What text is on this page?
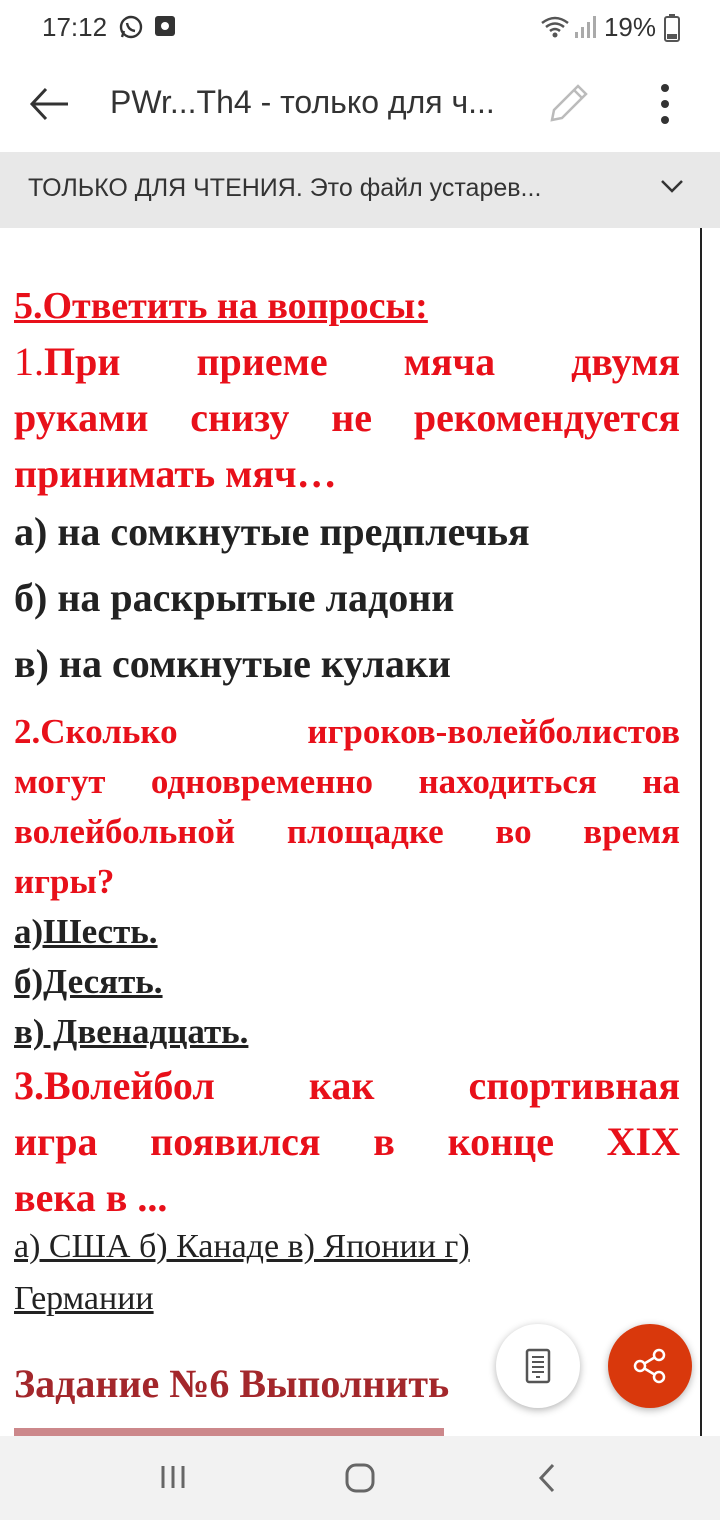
17:12	19%
PWr...Th4 - только для ч...
ТОЛЬКО ДЛЯ ЧТЕНИЯ. Это файл устарев...
5.Ответить на вопросы:
1.При приеме мяча двумя
руками снизу не рекомендуется
принимать мяч…
а) на сомкнутые предплечья
б) на раскрытые ладони
в) на сомкнутые кулаки
2.Сколько игроков-волейболистов
могут одновременно находиться на
волейбольной площадке во время
игры?
а)Шесть.
б)Десять.
в) Двенадцать.
3.Волейбол как спортивная
игра появился в конце XIX
века в ...
а) США б) Канаде в) Японии г)
Германии
Задание №6 Выполнить
